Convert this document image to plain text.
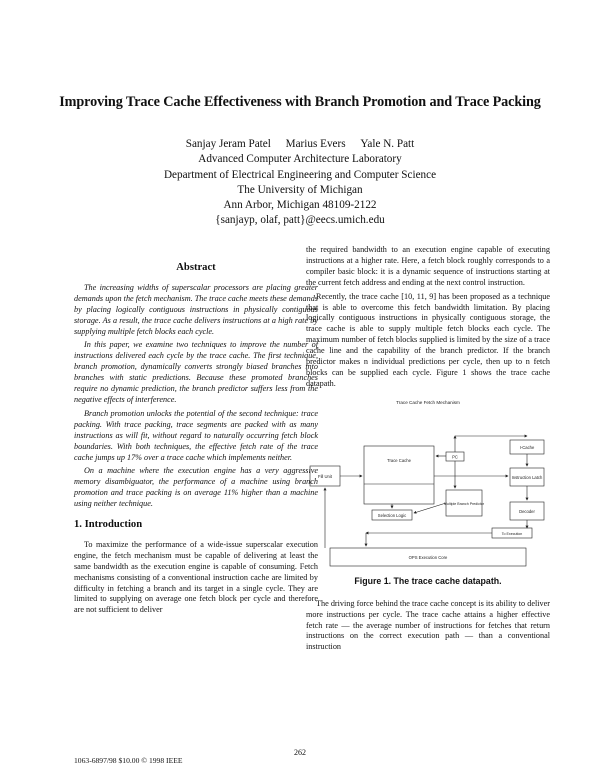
Improving Trace Cache Effectiveness with Branch Promotion and Trace Packing
Sanjay Jeram Patel Marius Evers Yale N. Patt
Advanced Computer Architecture Laboratory
Department of Electrical Engineering and Computer Science
The University of Michigan
Ann Arbor, Michigan 48109-2122
{sanjayp, olaf, patt}@eecs.umich.edu
Abstract

The increasing widths of superscalar processors are placing greater demands upon the fetch mechanism. The trace cache meets these demands by placing logically contiguous instructions in physically contiguous storage. As a result, the trace cache delivers instructions at a high rate by supplying multiple fetch blocks each cycle.

In this paper, we examine two techniques to improve the number of instructions delivered each cycle by the trace cache. The first technique, branch promotion, dynamically converts strongly biased branches into branches with static predictions. Because these promoted branches require no dynamic prediction, the branch predictor suffers less from the negative effects of interference.

Branch promotion unlocks the potential of the second technique: trace packing. With trace packing, trace segments are packed with as many instructions as will fit, without regard to naturally occurring fetch block boundaries. With both techniques, the effective fetch rate of the trace cache jumps up 17% over a trace cache which implements neither.

On a machine where the execution engine has a very aggressive memory disambiguator, the performance of a machine using branch promotion and trace packing is on average 11% higher than a machine using neither technique.

1. Introduction

To maximize the performance of a wide-issue superscalar execution engine, the fetch mechanism must be capable of delivering at least the same bandwidth as the execution engine is capable of consuming. Fetch mechanisms consisting of a conventional instruction cache are limited by difficulty in fetching a branch and its target in a single cycle. They are limited to supplying on average one fetch block per cycle and therefore are not sufficient to deliver

the required bandwidth to an execution engine capable of executing instructions at a higher rate. Here, a fetch block roughly corresponds to a compiler basic block: it is a dynamic sequence of instructions starting at the current fetch address and ending at the next control instruction.

Recently, the trace cache [10, 11, 9] has been proposed as a technique that is able to overcome this fetch bandwidth limitation. By placing logically contiguous instructions in physically contiguous storage, the trace cache is able to supply multiple fetch blocks each cycle. The maximum number of fetch blocks supplied is limited by the size of a trace cache line and the capability of the branch predictor. If the branch predictor makes n individual predictions per cycle, then up to n fetch blocks can be supplied each cycle. Figure 1 shows the trace cache datapath.

Trace Cache Fetch Mechanism
Fill Unit
Trace Cache
PC
I-Cache
Instruction Latch
Multiple Branch Predictor
Selection Logic
Decoder
To Execution
OPS Execution Core
Figure 1. The trace cache datapath.

The driving force behind the trace cache concept is its ability to deliver more instructions per cycle. The trace cache attains a higher effective fetch rate — the average number of instructions for fetches that return instructions on the correct execution path — than a conventional instruction

262
1063-6897/98 $10.00 © 1998 IEEE
